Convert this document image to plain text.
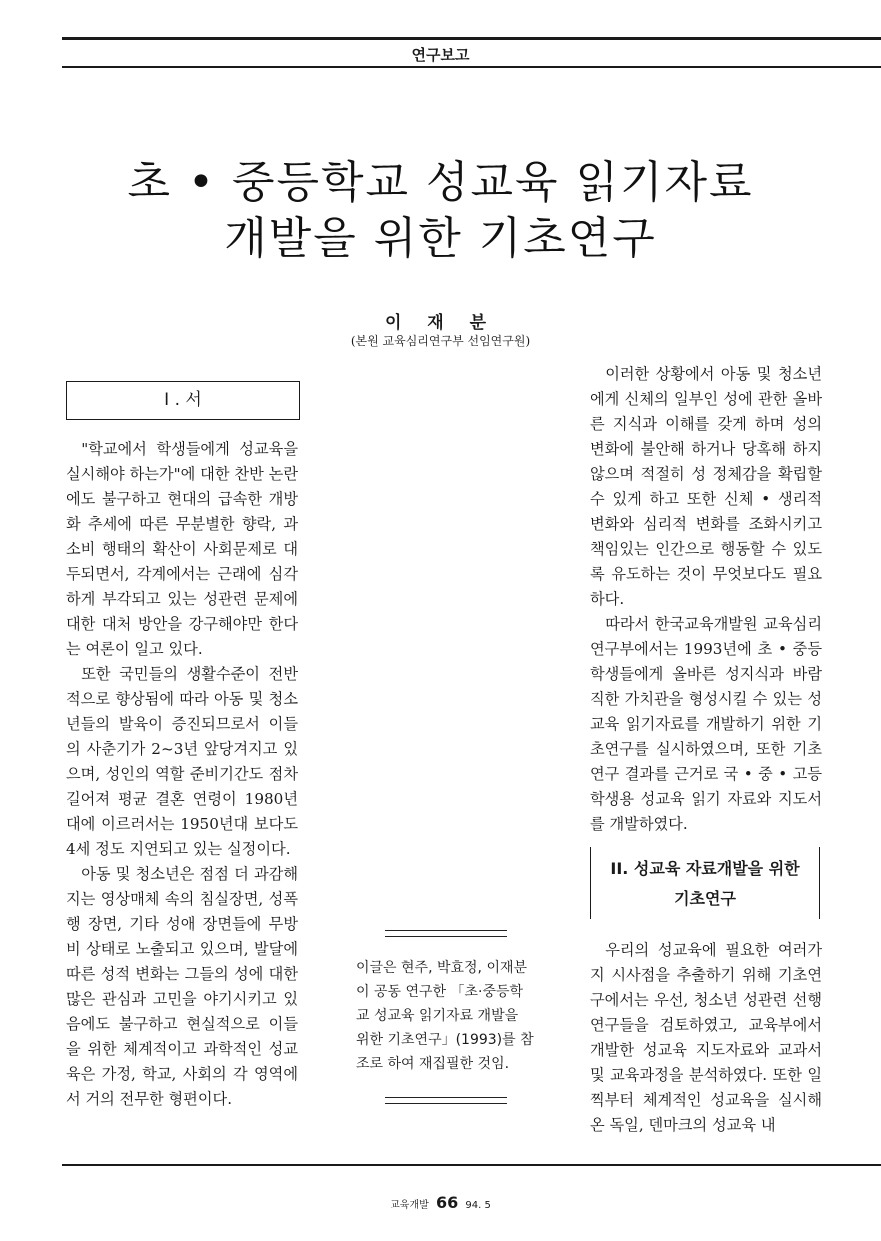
연구보고
초 • 중등학교 성교육 읽기자료
개발을 위한 기초연구
이 재 분
(본원 교육심리연구부 선임연구원)
I . 서

"학교에서 학생들에게 성교육을 실시해야 하는가"에 대한 찬반 논란에도 불구하고 현대의 급속한 개방화 추세에 따른 무분별한 향락, 과소비 행태의 확산이 사회문제로 대두되면서, 각계에서는 근래에 심각하게 부각되고 있는 성관련 문제에 대한 대처 방안을 강구해야만 한다는 여론이 일고 있다.

또한 국민들의 생활수준이 전반적으로 향상됨에 따라 아동 및 청소년들의 발육이 증진되므로서 이들의 사춘기가 2~3년 앞당겨지고 있으며, 성인의 역할 준비기간도 점차 길어져 평균 결혼 연령이 1980년대에 이르러서는 1950년대 보다도 4세 정도 지연되고 있는 실정이다.

아동 및 청소년은 점점 더 과감해지는 영상매체 속의 침실장면, 성폭행 장면, 기타 성애 장면들에 무방비 상태로 노출되고 있으며, 발달에 따른 성적 변화는 그들의 성에 대한 많은 관심과 고민을 야기시키고 있음에도 불구하고 현실적으로 이들을 위한 체계적이고 과학적인 성교육은 가정, 학교, 사회의 각 영역에서 거의 전무한 형편이다.

이글은 현주, 박효정, 이재분이 공동 연구한 「초·중등학교 성교육 읽기자료 개발을 위한 기초연구」(1993)를 참조로 하여 재집필한 것임.

이러한 상황에서 아동 및 청소년에게 신체의 일부인 성에 관한 올바른 지식과 이해를 갖게 하며 성의 변화에 불안해 하거나 당혹해 하지 않으며 적절히 성 정체감을 확립할 수 있게 하고 또한 신체 • 생리적 변화와 심리적 변화를 조화시키고 책임있는 인간으로 행동할 수 있도록 유도하는 것이 무엇보다도 필요하다.

따라서 한국교육개발원 교육심리연구부에서는 1993년에 초 • 중등학생들에게 올바른 성지식과 바람직한 가치관을 형성시킬 수 있는 성교육 읽기자료를 개발하기 위한 기초연구를 실시하였으며, 또한 기초연구 결과를 근거로 국 • 중 • 고등학생용 성교육 읽기 자료와 지도서를 개발하였다.

II. 성교육 자료개발을 위한
기초연구

우리의 성교육에 필요한 여러가지 시사점을 추출하기 위해 기초연구에서는 우선, 청소년 성관련 선행연구들을 검토하였고, 교육부에서 개발한 성교육 지도자료와 교과서 및 교육과정을 분석하였다. 또한 일찍부터 체계적인 성교육을 실시해 온 독일, 덴마크의 성교육 내

교육개발 66 94. 5
